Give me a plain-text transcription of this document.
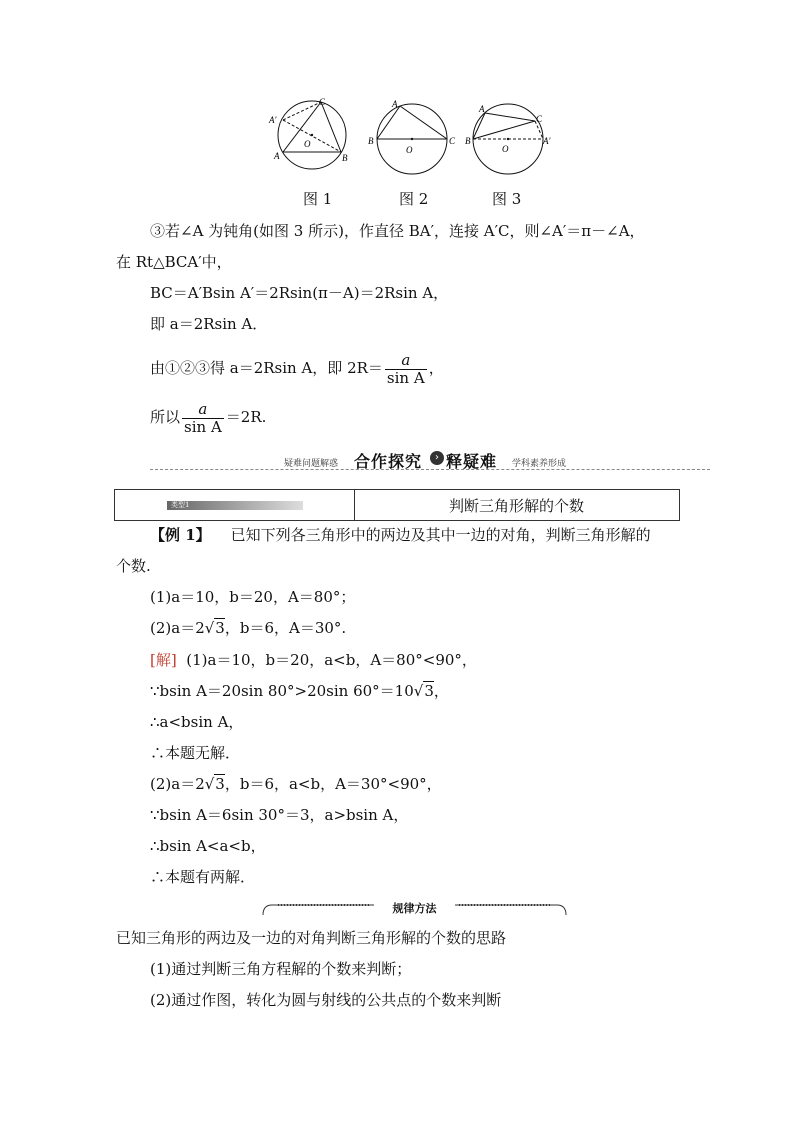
C
A′
A
O
B
A
B
O
C
A
C
B
O
A′
图 1	图 2	图 3
③若∠A 为钝角(如图 3 所示)，作直径 BA′，连接 A′C，则∠A′＝π－∠A，
在 Rt△BCA′中，
BC＝A′Bsin A′＝2Rsin(π－A)＝2Rsin A，
即 a＝2Rsin A．
由①②③得 a＝2Rsin A，即 $2R= \frac{a}{\text{sin A}}$ ，
所以 $\frac{a}{\text{sin A}} =2R$.
疑难问题解惑 合作探究	› 释疑难 学科素养形成
类型1	判断三角形解的个数
【例 1】 已知下列各三角形中的两边及其中一边的对角，判断三角形解的
个数.
(1)a＝10，b＝20，A＝80°；
(2)a＝2√3，b＝6，A＝30°.
[解] (1)a＝10，b＝20，a<b，A＝80°<90°，
∵bsin A＝20sin 80°>20sin 60°＝10√3，
∴a<bsin A，
∴本题无解．
(2)a＝2√3，b＝6，a<b，A＝30°<90°，
∵bsin A＝6sin 30°＝3，a>bsin A，
∴bsin A<a<b，
∴本题有两解．
规律方法
已知三角形的两边及一边的对角判断三角形解的个数的思路
(1)通过判断三角方程解的个数来判断；
(2)通过作图，转化为圆与射线的公共点的个数来判断
